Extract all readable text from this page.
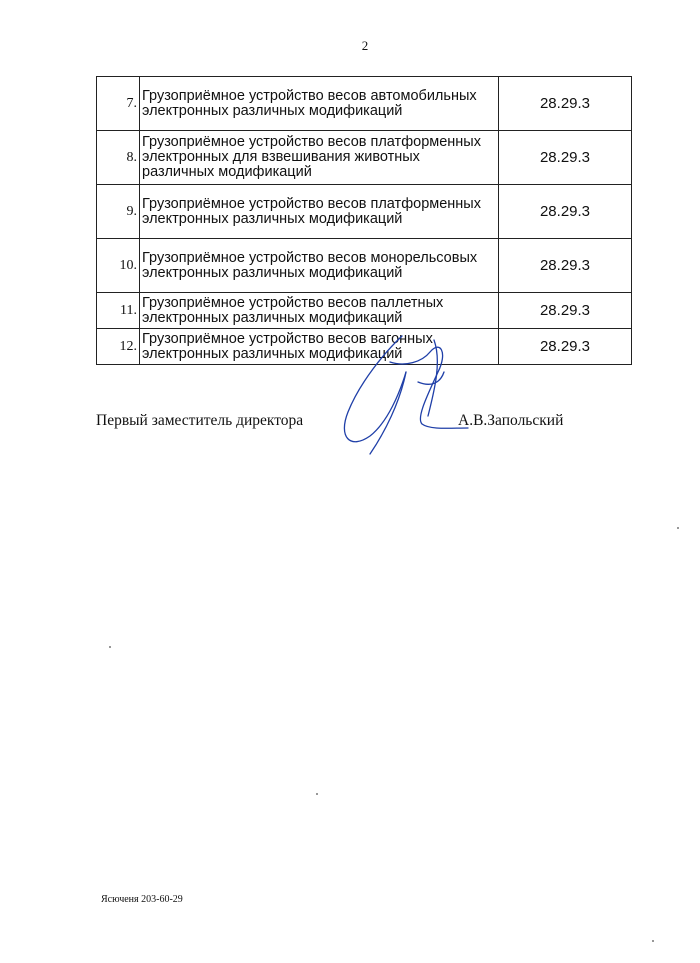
2
7.	Грузоприёмное устройство весов автомобильных электронных различных модификаций	28.29.3
8.	Грузоприёмное устройство весов платформенных электронных для взвешивания животных различных модификаций	28.29.3
9.	Грузоприёмное устройство весов платформенных электронных различных модификаций	28.29.3
10.	Грузоприёмное устройство весов монорельсовых электронных различных модификаций	28.29.3
11.	Грузоприёмное устройство весов паллетных электронных различных модификаций	28.29.3
12.	Грузоприёмное устройство весов вагонных электронных различных модификаций	28.29.3
Первый заместитель директора	А.В.Запольский
Ясюченя 203-60-29
